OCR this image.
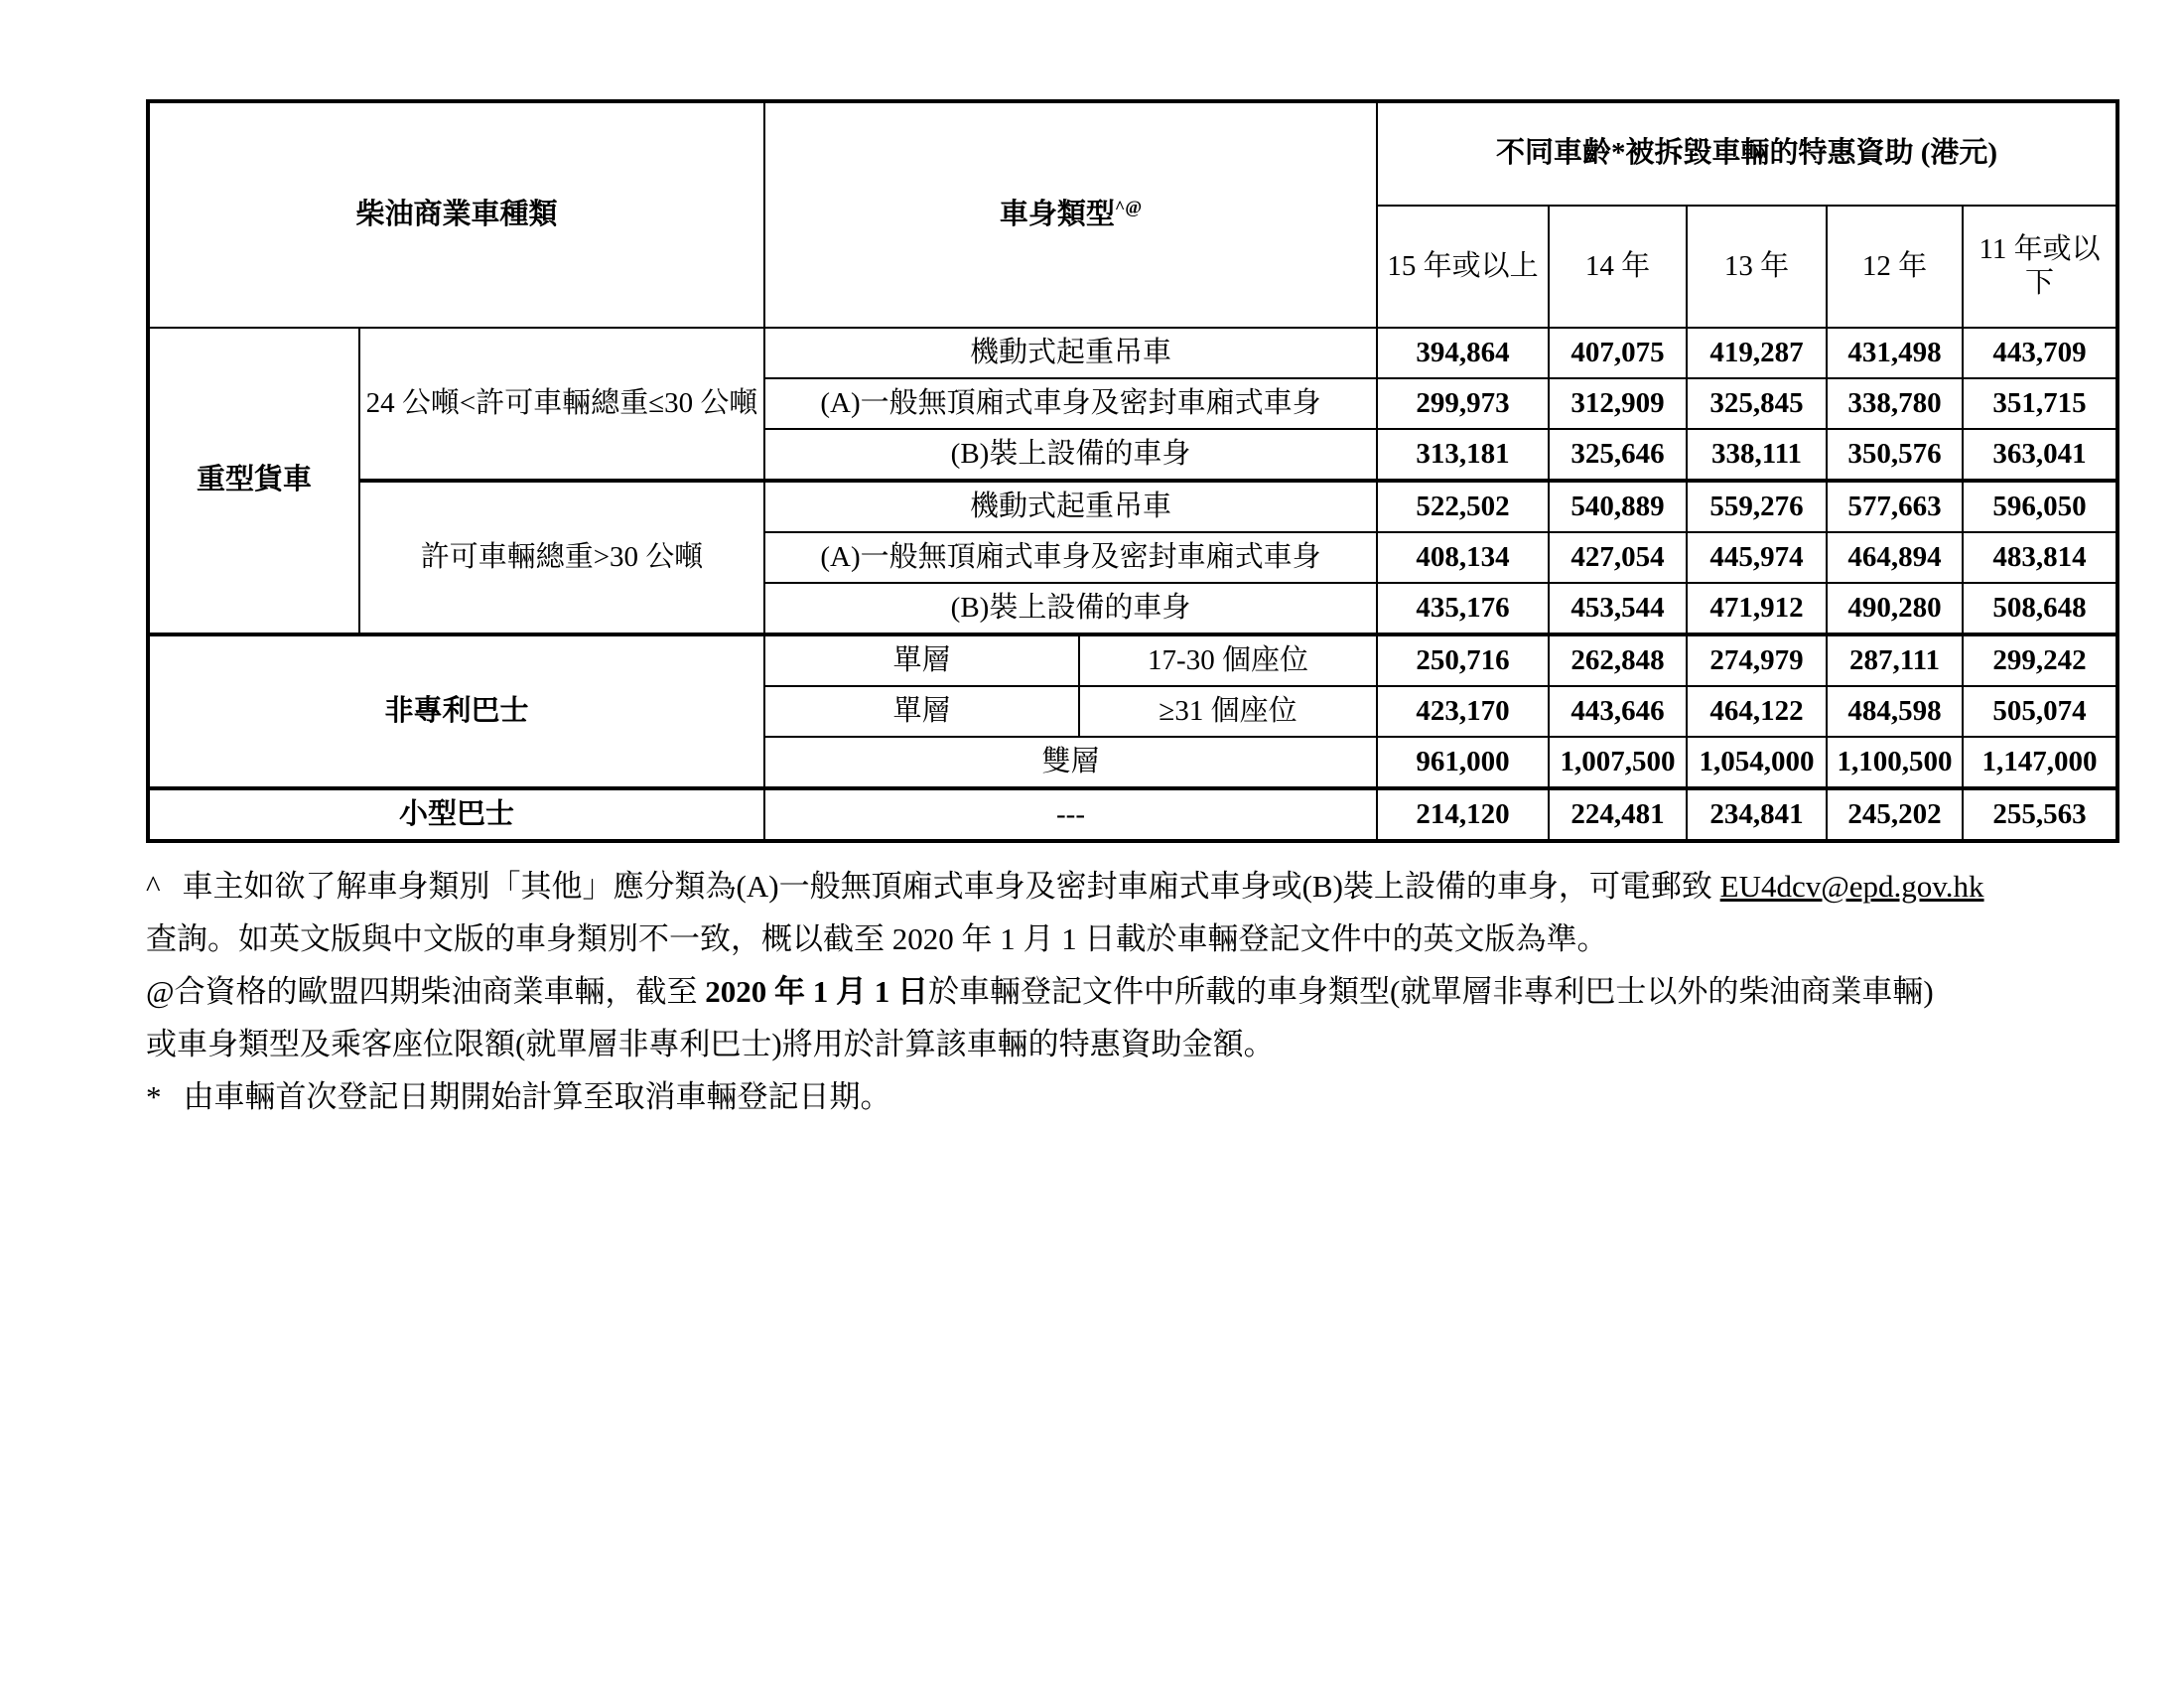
柴油商業車種類		車身類型^@		不同車齡*被拆毀車輛的特惠資助 (港元)				
				15 年或以上	14 年	13 年	12 年	11 年或以下
重型貨車	24 公噸<許可車輛總重≤30 公噸	機動式起重吊車		394,864	407,075	419,287	431,498	443,709
		(A)一般無頂廂式車身及密封車廂式車身		299,973	312,909	325,845	338,780	351,715
		(B)裝上設備的車身		313,181	325,646	338,111	350,576	363,041
	許可車輛總重>30 公噸	機動式起重吊車		522,502	540,889	559,276	577,663	596,050
		(A)一般無頂廂式車身及密封車廂式車身		408,134	427,054	445,974	464,894	483,814
		(B)裝上設備的車身		435,176	453,544	471,912	490,280	508,648
非專利巴士		單層	17-30 個座位	250,716	262,848	274,979	287,111	299,242
		單層	≥31 個座位	423,170	443,646	464,122	484,598	505,074
		雙層		961,000	1,007,500	1,054,000	1,100,500	1,147,000
小型巴士		---		214,120	224,481	234,841	245,202	255,563
^ 車主如欲了解車身類別「其他」應分類為(A)一般無頂廂式車身及密封車廂式車身或(B)裝上設備的車身，可電郵致 EU4dcv@epd.gov.hk
查詢。如英文版與中文版的車身類別不一致，概以截至 2020 年 1 月 1 日載於車輛登記文件中的英文版為準。
@合資格的歐盟四期柴油商業車輛，截至 2020 年 1 月 1 日於車輛登記文件中所載的車身類型(就單層非專利巴士以外的柴油商業車輛)
或車身類型及乘客座位限額(就單層非專利巴士)將用於計算該車輛的特惠資助金額。
* 由車輛首次登記日期開始計算至取消車輛登記日期。
